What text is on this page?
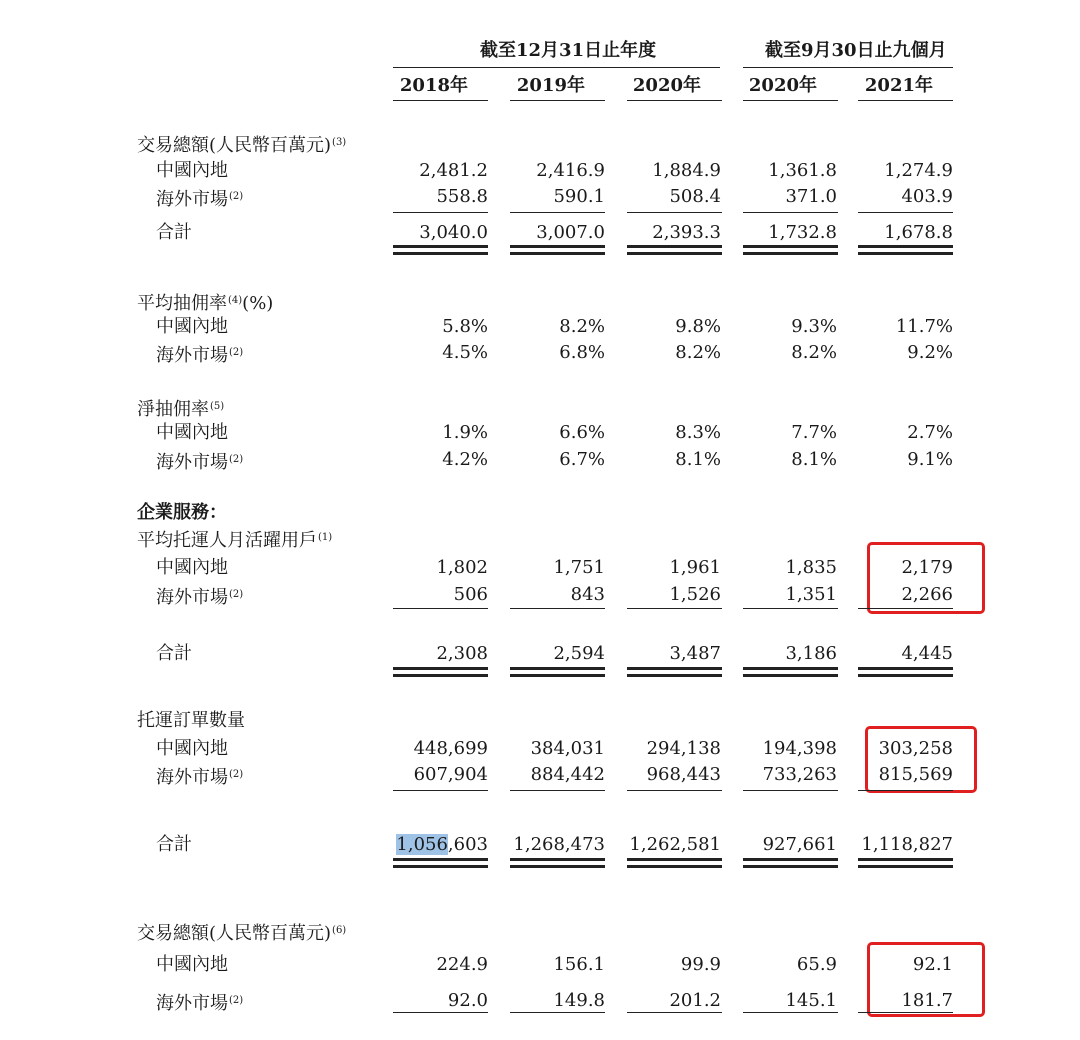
截至12月31日止年度	截至9月30日止九個月
2018年	2019年	2020年	2020年	2021年
交易總額(人民幣百萬元)$^{(3)}$
中國內地	2,481.2	2,416.9	1,884.9	1,361.8	1,274.9
海外市場$^{(2)}$	558.8	590.1	508.4	371.0	403.9
合計	3,040.0	3,007.0	2,393.3	1,732.8	1,678.8
平均抽佣率$^{(4)}$(%)
中國內地	5.8%	8.2%	9.8%	9.3%	11.7%
海外市場$^{(2)}$	4.5%	6.8%	8.2%	8.2%	9.2%
淨抽佣率$^{(5)}$
中國內地	1.9%	6.6%	8.3%	7.7%	2.7%
海外市場$^{(2)}$	4.2%	6.7%	8.1%	8.1%	9.1%
企業服務：
平均托運人月活躍用戶$^{(1)}$
中國內地	1,802	1,751	1,961	1,835	2,179
海外市場$^{(2)}$	506	843	1,526	1,351	2,266
合計	2,308	2,594	3,487	3,186	4,445
托運訂單數量
中國內地	448,699	384,031	294,138	194,398	303,258
海外市場$^{(2)}$	607,904	884,442	968,443	733,263	815,569
合計	1,056,603	1,268,473	1,262,581	927,661	1,118,827
交易總額(人民幣百萬元)$^{(6)}$
中國內地	224.9	156.1	99.9	65.9	92.1
海外市場$^{(2)}$	92.0	149.8	201.2	145.1	181.7
